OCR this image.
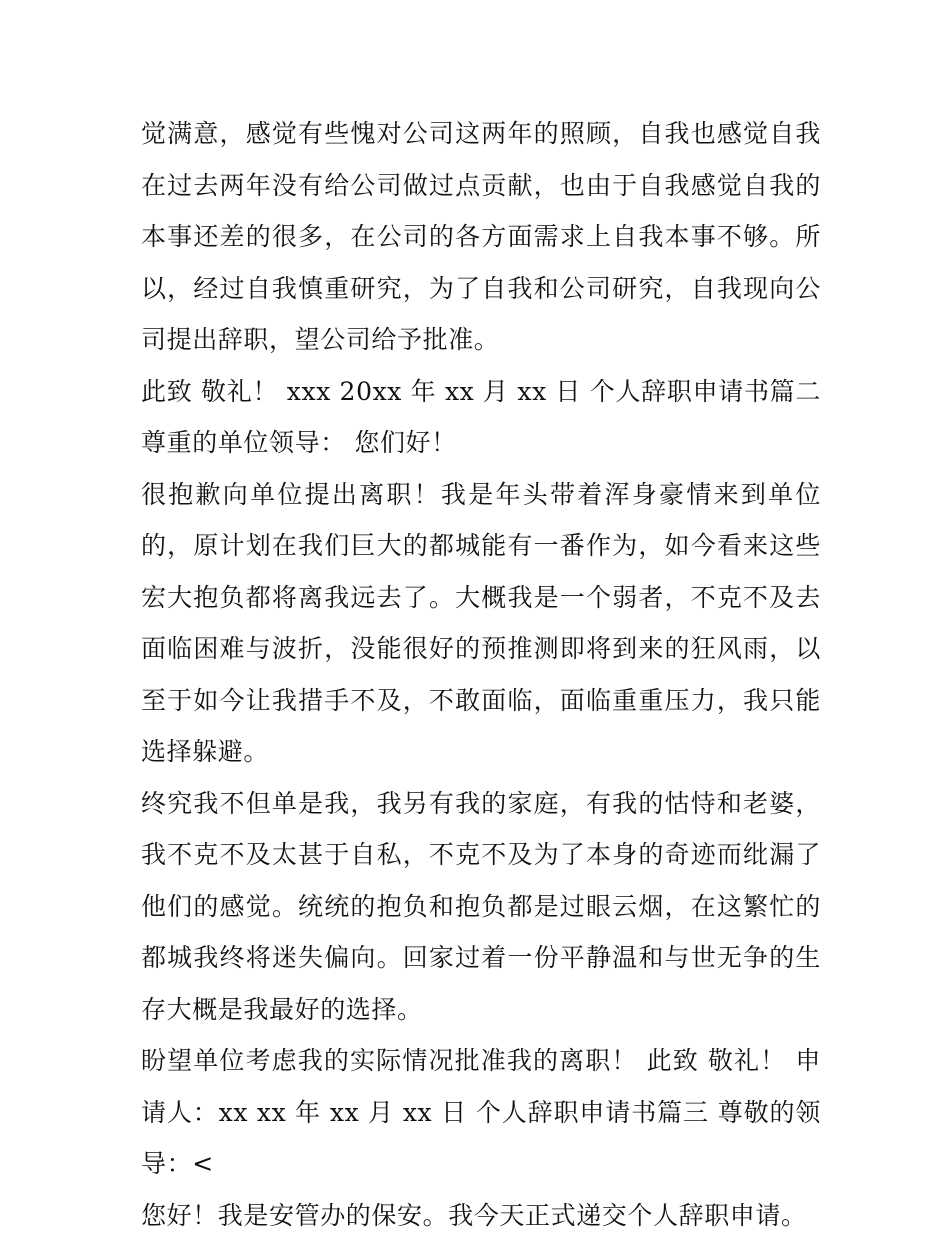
觉满意，感觉有些愧对公司这两年的照顾，自我也感觉自我在过去两年没有给公司做过点贡献，也由于自我感觉自我的本事还差的很多，在公司的各方面需求上自我本事不够。所以，经过自我慎重研究，为了自我和公司研究，自我现向公司提出辞职，望公司给予批准。

此致 敬礼！ xxx 20xx 年 xx 月 xx 日 个人辞职申请书篇二 尊重的单位领导： 您们好！

很抱歉向单位提出离职！我是年头带着浑身豪情来到单位的，原计划在我们巨大的都城能有一番作为，如今看来这些宏大抱负都将离我远去了。大概我是一个弱者，不克不及去面临困难与波折，没能很好的预推测即将到来的狂风雨，以至于如今让我措手不及，不敢面临，面临重重压力，我只能选择躲避。

终究我不但单是我，我另有我的家庭，有我的怙恃和老婆，我不克不及太甚于自私，不克不及为了本身的奇迹而纰漏了他们的感觉。统统的抱负和抱负都是过眼云烟，在这繁忙的都城我终将迷失偏向。回家过着一份平静温和与世无争的生存大概是我最好的选择。

盼望单位考虑我的实际情况批准我的离职！ 此致 敬礼！ 申请人：xx xx 年 xx 月 xx 日 个人辞职申请书篇三 尊敬的领导：<

您好！我是安管办的保安。我今天正式递交个人辞职申请。
